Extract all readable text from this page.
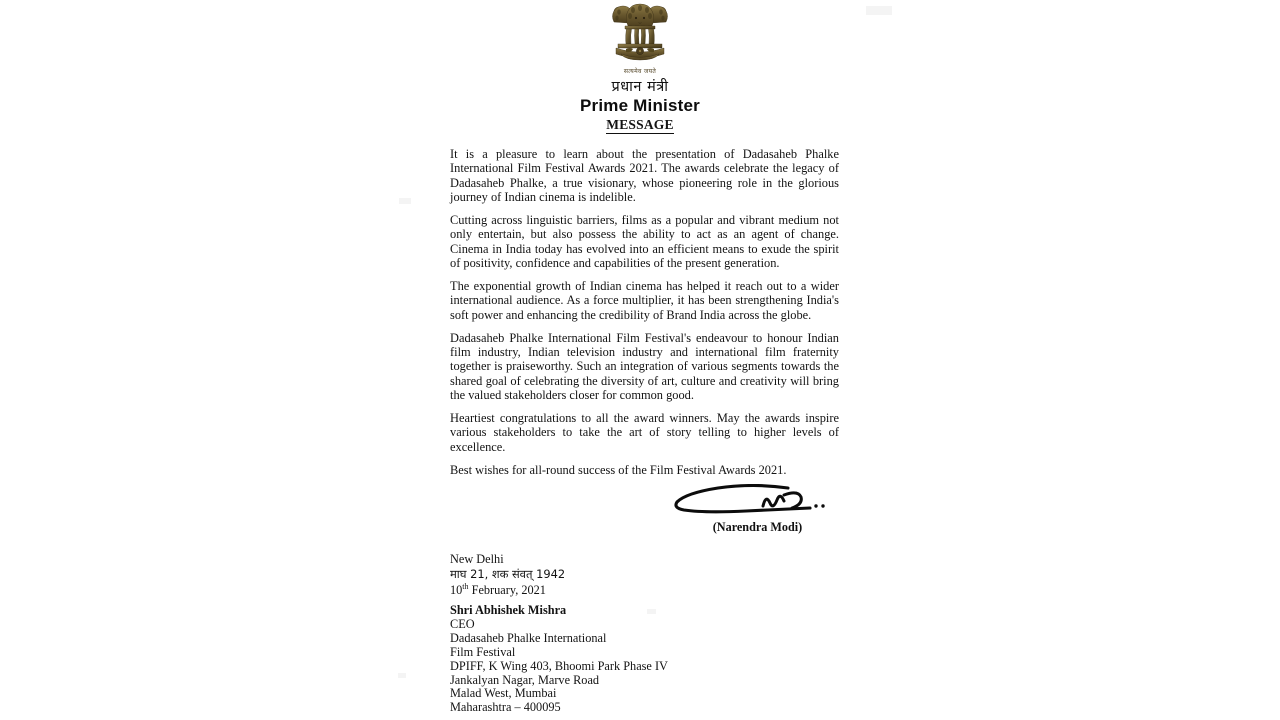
सत्यमेव जयते
प्रधान मंत्री
Prime Minister
MESSAGE

It is a pleasure to learn about the presentation of Dadasaheb Phalke International Film Festival Awards 2021. The awards celebrate the legacy of Dadasaheb Phalke, a true visionary, whose pioneering role in the glorious journey of Indian cinema is indelible.

Cutting across linguistic barriers, films as a popular and vibrant medium not only entertain, but also possess the ability to act as an agent of change. Cinema in India today has evolved into an efficient means to exude the spirit of positivity, confidence and capabilities of the present generation.

The exponential growth of Indian cinema has helped it reach out to a wider international audience. As a force multiplier, it has been strengthening India's soft power and enhancing the credibility of Brand India across the globe.

Dadasaheb Phalke International Film Festival's endeavour to honour Indian film industry, Indian television industry and international film fraternity together is praiseworthy. Such an integration of various segments towards the shared goal of celebrating the diversity of art, culture and creativity will bring the valued stakeholders closer for common good.

Heartiest congratulations to all the award winners. May the awards inspire various stakeholders to take the art of story telling to higher levels of excellence.

Best wishes for all-round success of the Film Festival Awards 2021.

(Narendra Modi)
New Delhi
माघ 21, शक संवत् 1942
10th February, 2021
Shri Abhishek Mishra
CEO
Dadasaheb Phalke International
Film Festival
DPIFF, K Wing 403, Bhoomi Park Phase IV
Jankalyan Nagar, Marve Road
Malad West, Mumbai
Maharashtra – 400095
